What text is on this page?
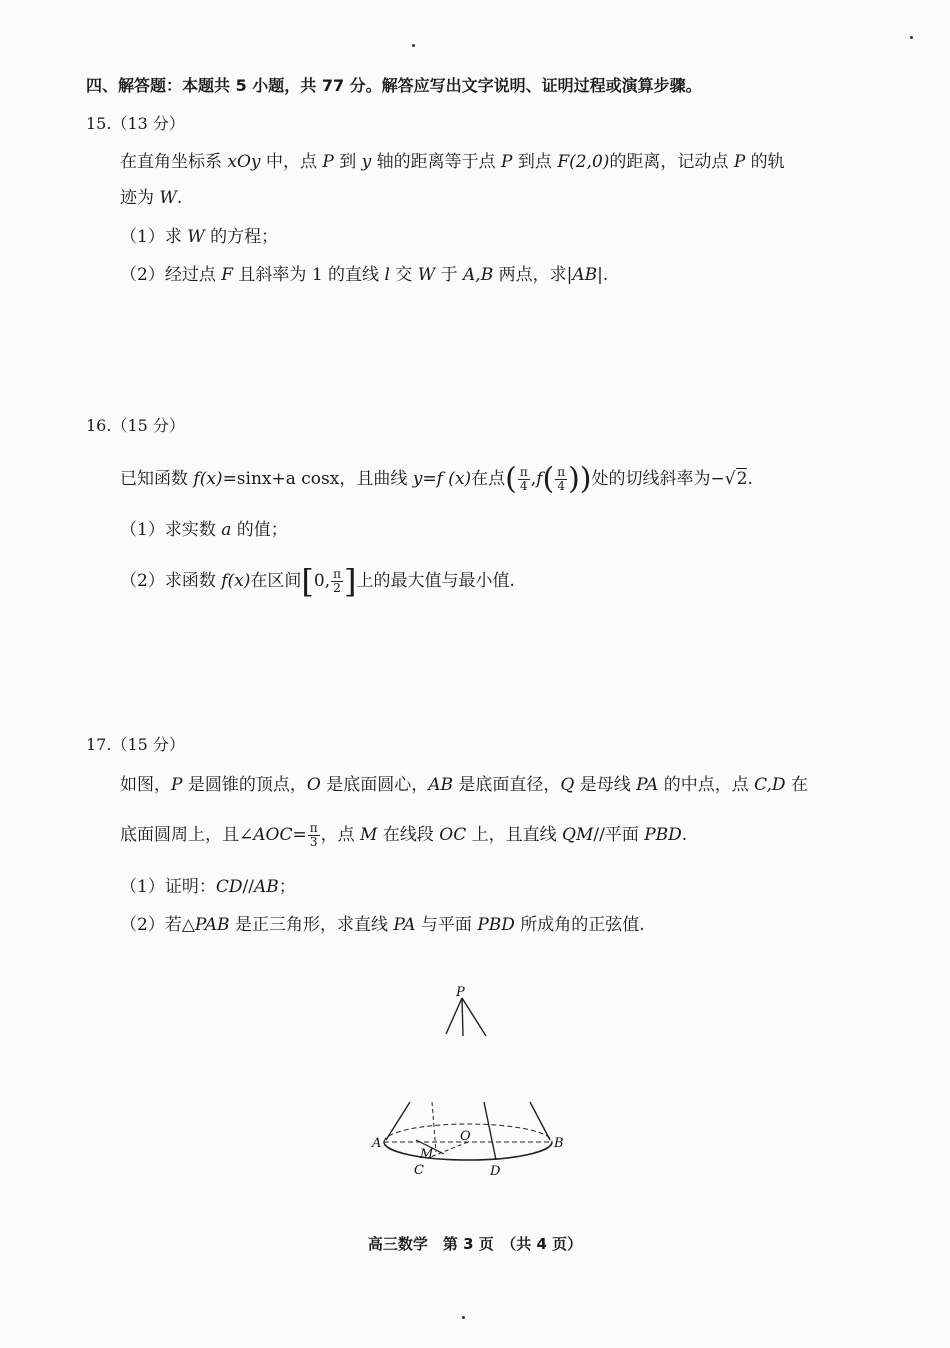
四、解答题：本题共 5 小题，共 77 分。解答应写出文字说明、证明过程或演算步骤。
15.（13 分）
在直角坐标系 xOy 中，点 P 到 y 轴的距离等于点 P 到点 F(2,0)的距离，记动点 P 的轨
迹为 W.
（1）求 W 的方程；
（2）经过点 F 且斜率为 1 的直线 l 交 W 于 A,B 两点，求|AB|.
16.（15 分）
已知函数 f(x)=sinx+a cosx，且曲线 y=f (x)在点( $\frac{\pi}{4} ,f( \frac{\pi}{4}$ ))处的切线斜率为−√2.
（1）求实数 a 的值；
（2）求函数 f(x)在区间[0, $\frac{\pi}{2}$ ]上的最大值与最小值.
17.（15 分）
如图，P 是圆锥的顶点，O 是底面圆心，AB 是底面直径，Q 是母线 PA 的中点，点 C,D 在
底面圆周上，且∠AOC= $\frac{\pi}{3}$ ，点 M 在线段 OC 上，且直线 QM//平面 PBD.
（1）证明：CD//AB；
（2）若△PAB 是正三角形，求直线 PA 与平面 PBD 所成角的正弦值.
P
A	B
O
M
C	D
高三数学　第 3 页　（共 4 页）
